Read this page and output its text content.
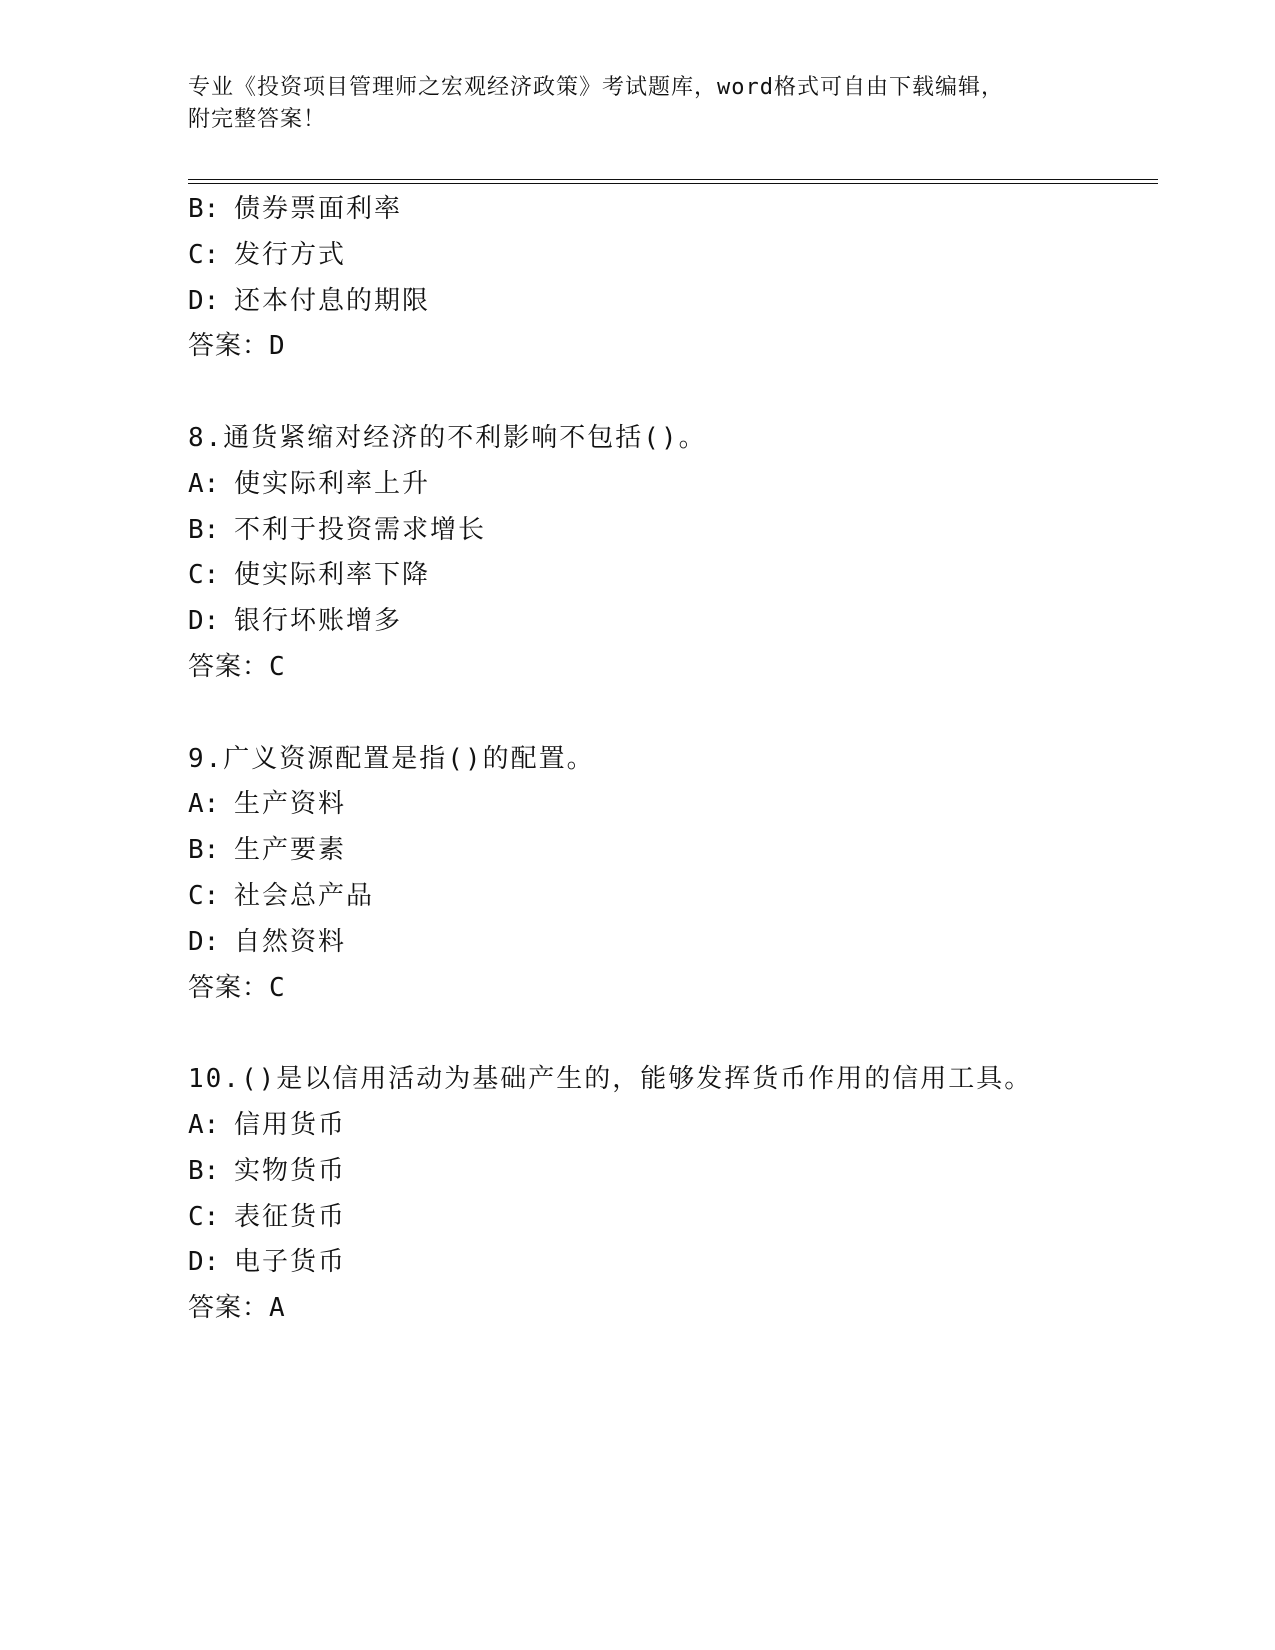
专业《投资项目管理师之宏观经济政策》考试题库，word格式可自由下载编辑，
附完整答案！
B: 债券票面利率
C: 发行方式
D: 还本付息的期限
答案：D
8.通货紧缩对经济的不利影响不包括()。
A: 使实际利率上升
B: 不利于投资需求增长
C: 使实际利率下降
D: 银行坏账增多
答案：C
9.广义资源配置是指()的配置。
A: 生产资料
B: 生产要素
C: 社会总产品
D: 自然资料
答案：C
10.()是以信用活动为基础产生的，能够发挥货币作用的信用工具。
A: 信用货币
B: 实物货币
C: 表征货币
D: 电子货币
答案：A
